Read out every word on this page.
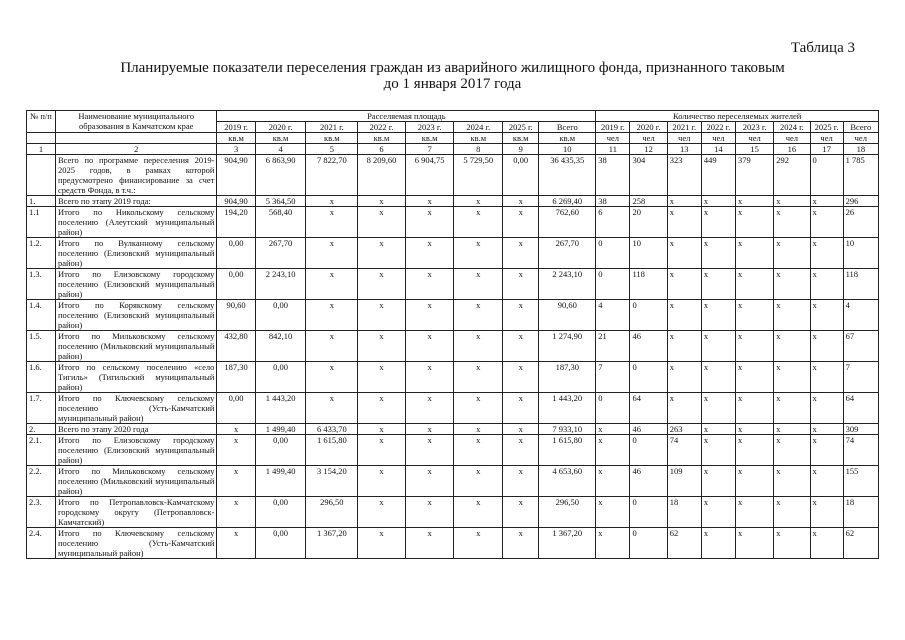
Таблица 3
Планируемые показатели переселения граждан из аварийного жилищного фонда, признанного таковым
до 1 января 2017 года
№ п/п	Наименование муниципального образования в Камчатском крае	Расселяемая площадь								Количество переселяемых жителей							
		2019 г.	2020 г.	2021 г.	2022 г.	2023 г.	2024 г.	2025 г.	Всего	2019 г.	2020 г.	2021 г.	2022 г.	2023 г.	2024 г.	2025 г.	Всего
		кв.м	кв.м	кв.м	кв.м	кв.м	кв.м	кв.м	кв.м	чел	чел	чел	чел	чел	чел	чел	чел
1	2	3	4	5	6	7	8	9	10	11	12	13	14	15	16	17	18
	Всего по программе переселения 2019-2025 годов, в рамках которой предусмотрено финансирование за счет средств Фонда, в т.ч.:	904,90	6 863,90	7 822,70	8 209,60	6 904,75	5 729,50	0,00	36 435,35	38	304	323	449	379	292	0	1 785
1.	Всего по этапу 2019 года:	904,90	5 364,50	х	х	х	х	х	6 269,40	38	258	х	х	х	х	х	296
1.1	Итого по Никольскому сельскому поселению (Алеутский муниципальный район)	194,20	568,40	х	х	х	х	х	762,60	6	20	х	х	х	х	х	26
1.2.	Итого по Вулканному сельскому поселению (Елизовский муниципальный район)	0,00	267,70	х	х	х	х	х	267,70	0	10	х	х	х	х	х	10
1.3.	Итого по Елизовскому городскому поселению (Елизовский муниципальный район)	0,00	2 243,10	х	х	х	х	х	2 243,10	0	118	х	х	х	х	х	118
1.4.	Итого по Корякскому сельскому поселению (Елизовский муниципальный район)	90,60	0,00	х	х	х	х	х	90,60	4	0	х	х	х	х	х	4
1.5.	Итого по Мильковскому сельскому поселению (Мильковский муниципальный район)	432,80	842,10	х	х	х	х	х	1 274,90	21	46	х	х	х	х	х	67
1.6.	Итого по сельскому поселению «село Тигиль» (Тигильский муниципальный район)	187,30	0,00	х	х	х	х	х	187,30	7	0	х	х	х	х	х	7
1.7.	Итого по Ключевскому сельскому поселению (Усть-Камчатский муниципальный район)	0,00	1 443,20	х	х	х	х	х	1 443,20	0	64	х	х	х	х	х	64
2.	Всего по этапу 2020 года	х	1 499,40	6 433,70	х	х	х	х	7 933,10	х	46	263	х	х	х	х	309
2.1.	Итого по Елизовскому городскому поселению (Елизовский муниципальный район)	х	0,00	1 615,80	х	х	х	х	1 615,80	х	0	74	х	х	х	х	74
2.2.	Итого по Мильковскому сельскому поселению (Мильковский муниципальный район)	х	1 499,40	3 154,20	х	х	х	х	4 653,60	х	46	109	х	х	х	х	155
2.3.	Итого по Петропавловск-Камчатскому городскому округу (Петропавловск-Камчатский)	х	0,00	296,50	х	х	х	х	296,50	х	0	18	х	х	х	х	18
2.4.	Итого по Ключевскому сельскому поселению (Усть-Камчатский муниципальный район)	х	0,00	1 367,20	х	х	х	х	1 367,20	х	0	62	х	х	х	х	62
